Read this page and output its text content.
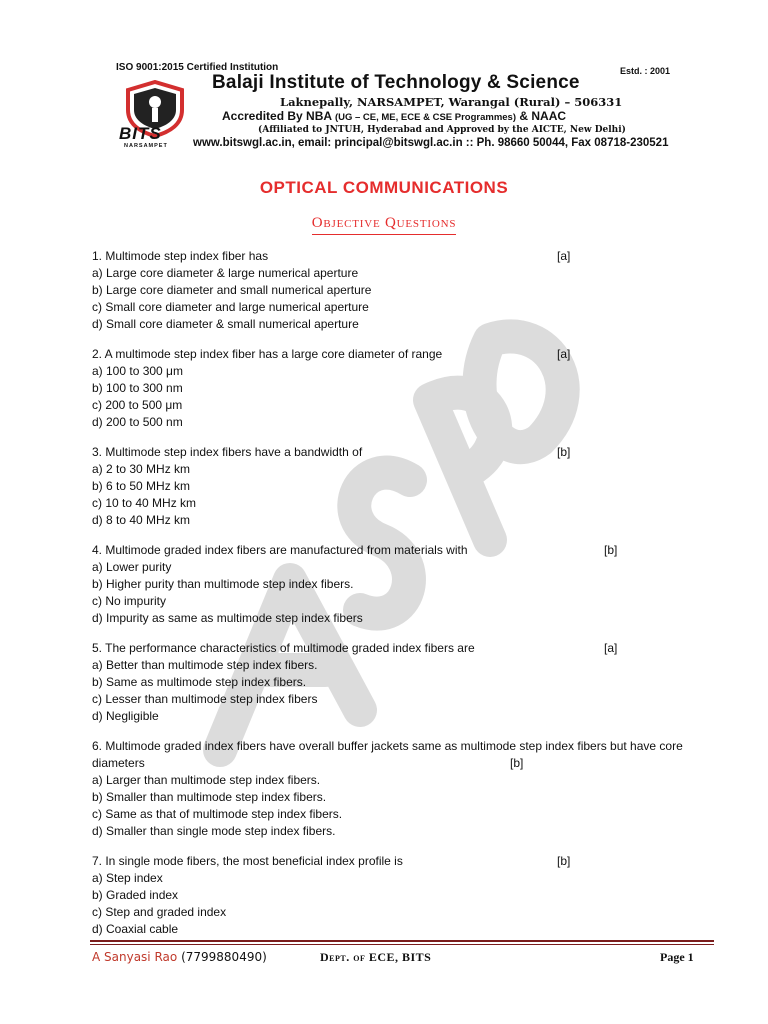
ISO 9001:2015 Certified Institution	Estd. : 2001
BITS
NARSAMPET
Balaji Institute of Technology & Science
Laknepally, NARSAMPET, Warangal (Rural) – 506331
Accredited By NBA (UG – CE, ME, ECE & CSE Programmes) & NAAC
(Affiliated to JNTUH, Hyderabad and Approved by the AICTE, New Delhi)
www.bitswgl.ac.in, email: principal@bitswgl.ac.in :: Ph. 98660 50044, Fax 08718-230521
OPTICAL COMMUNICATIONS
Objective Questions
1. Multimode step index fiber has	[a]
a) Large core diameter & large numerical aperture
b) Large core diameter and small numerical aperture
c) Small core diameter and large numerical aperture
d) Small core diameter & small numerical aperture
2. A multimode step index fiber has a large core diameter of range	[a]
a) 100 to 300 μm
b) 100 to 300 nm
c) 200 to 500 μm
d) 200 to 500 nm
3. Multimode step index fibers have a bandwidth of	[b]
a) 2 to 30 MHz km
b) 6 to 50 MHz km
c) 10 to 40 MHz km
d) 8 to 40 MHz km
4. Multimode graded index fibers are manufactured from materials with	[b]
a) Lower purity
b) Higher purity than multimode step index fibers.
c) No impurity
d) Impurity as same as multimode step index fibers
5. The performance characteristics of multimode graded index fibers are	[a]
a) Better than multimode step index fibers.
b) Same as multimode step index fibers.
c) Lesser than multimode step index fibers
d) Negligible
6. Multimode graded index fibers have overall buffer jackets same as multimode step index fibers but have core diameters	[b]
a) Larger than multimode step index fibers.
b) Smaller than multimode step index fibers.
c) Same as that of multimode step index fibers.
d) Smaller than single mode step index fibers.
7. In single mode fibers, the most beneficial index profile is	[b]
a) Step index
b) Graded index
c) Step and graded index
d) Coaxial cable
A Sanyasi Rao (7799880490)	Dept. of ECE, BITS	Page 1
